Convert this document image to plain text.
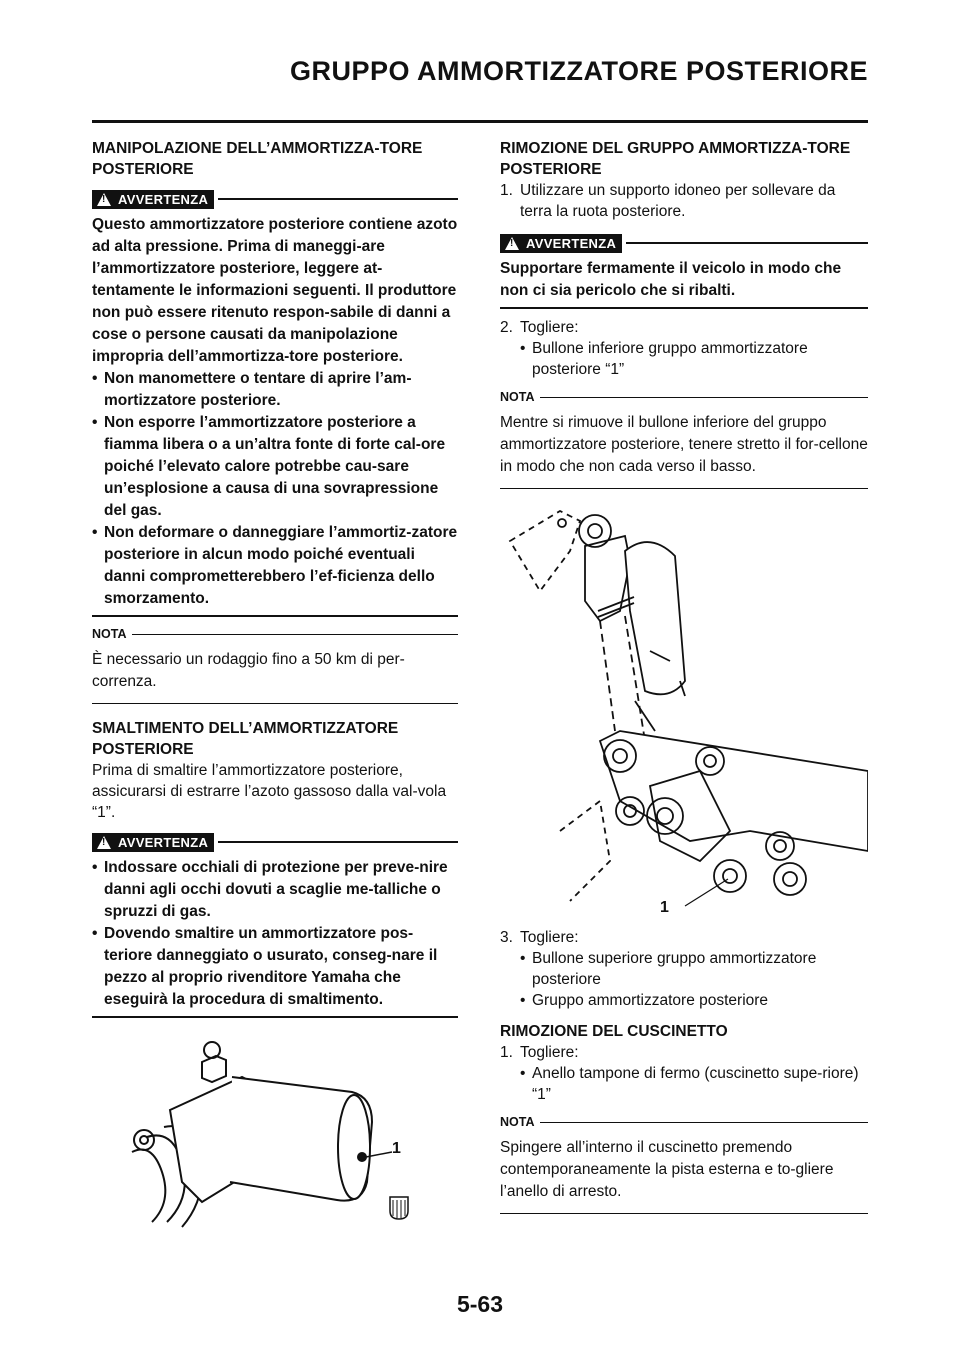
GRUPPO AMMORTIZZATORE POSTERIORE
MANIPOLAZIONE DELL’AMMORTIZZA-TORE POSTERIORE
!
AVVERTENZA
Questo ammortizzatore posteriore contiene azoto ad alta pressione. Prima di maneggi-are l’ammortizzatore posteriore, leggere at-tentamente le informazioni seguenti. Il produttore non può essere ritenuto respon-sabile di danni a cose o persone causati da manipolazione impropria dell’ammortizza-tore posteriore.
• Non manomettere o tentare di aprire l’am-mortizzatore posteriore.
• Non esporre l’ammortizzatore posteriore a fiamma libera o a un’altra fonte di forte cal-ore poiché l’elevato calore potrebbe cau-sare un’esplosione a causa di una sovrapressione del gas.
• Non deformare o danneggiare l’ammortiz-zatore posteriore in alcun modo poiché eventuali danni comprometterebbero l’ef-ficienza dello smorzamento.
NOTA
È necessario un rodaggio fino a 50 km di per-correnza.
SMALTIMENTO DELL’AMMORTIZZATORE POSTERIORE
Prima di smaltire l’ammortizzatore posteriore, assicurarsi di estrarre l’azoto gassoso dalla val-vola “1”.
!
AVVERTENZA
• Indossare occhiali di protezione per preve-nire danni agli occhi dovuti a scaglie me-talliche o spruzzi di gas.
• Dovendo smaltire un ammortizzatore pos-teriore danneggiato o usurato, conseg-nare il pezzo al proprio rivenditore Yamaha che eseguirà la procedura di smaltimento.
1
RIMOZIONE DEL GRUPPO AMMORTIZZA-TORE POSTERIORE
1. Utilizzare un supporto idoneo per sollevare da terra la ruota posteriore.
!
AVVERTENZA
Supportare fermamente il veicolo in modo che non ci sia pericolo che si ribalti.
2. Togliere:
• Bullone inferiore gruppo ammortizzatore posteriore “1”
NOTA
Mentre si rimuove il bullone inferiore del gruppo ammortizzatore posteriore, tenere stretto il for-cellone in modo che non cada verso il basso.
1
3. Togliere:
• Bullone superiore gruppo ammortizzatore posteriore
• Gruppo ammortizzatore posteriore
RIMOZIONE DEL CUSCINETTO
1. Togliere:
• Anello tampone di fermo (cuscinetto supe-riore) “1”
NOTA
Spingere all’interno il cuscinetto premendo contemporaneamente la pista esterna e to-gliere l’anello di arresto.
5-63
